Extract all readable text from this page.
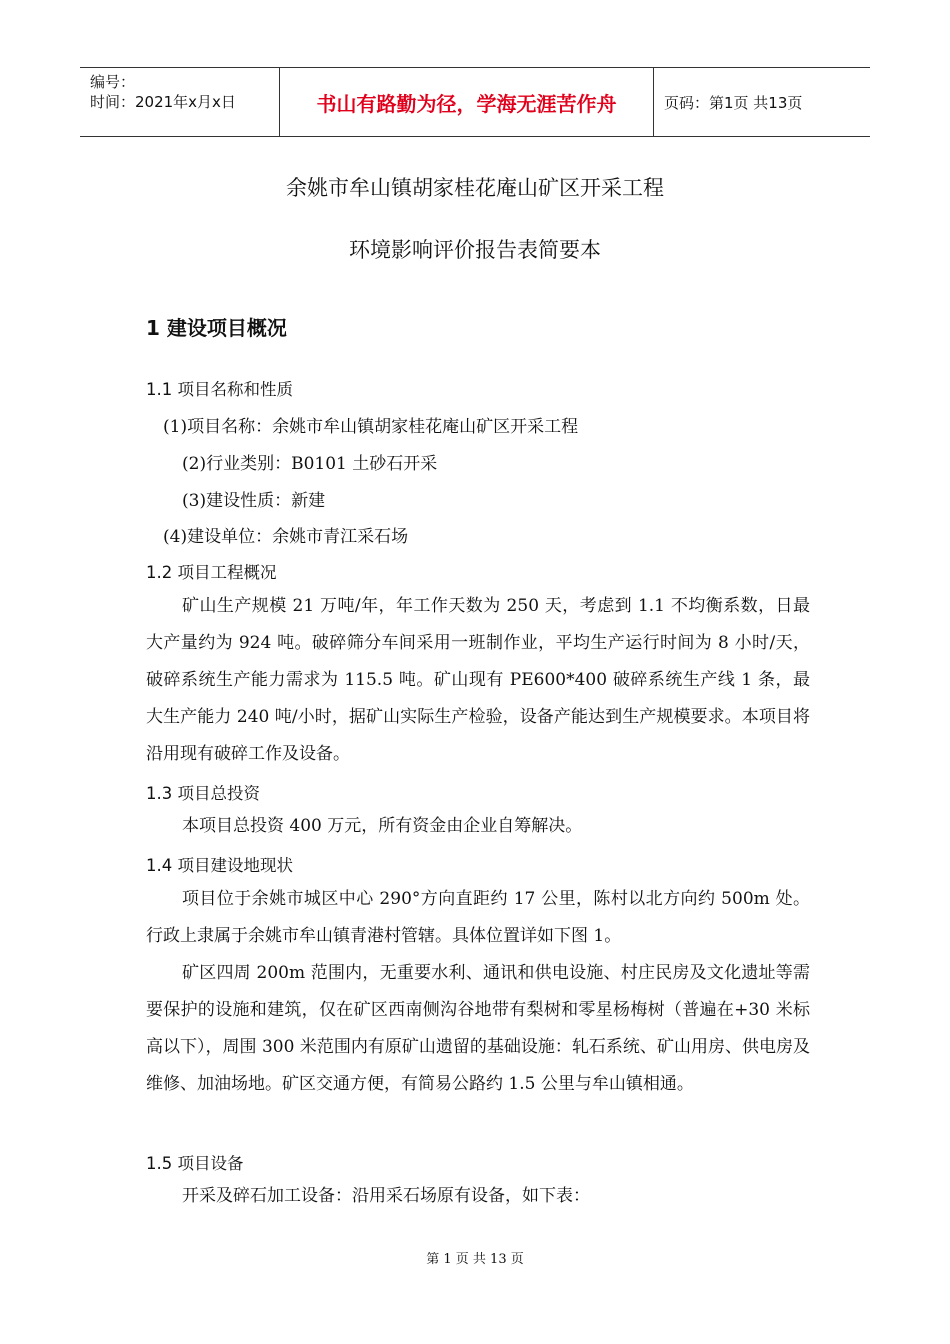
编号：
时间：2021年x月x日	书山有路勤为径，学海无涯苦作舟	页码：第1页 共13页
余姚市牟山镇胡家桂花庵山矿区开采工程
环境影响评价报告表简要本
1 建设项目概况
1.1 项目名称和性质
(1)项目名称：余姚市牟山镇胡家桂花庵山矿区开采工程
(2)行业类别：B0101 土砂石开采
(3)建设性质：新建
(4)建设单位：余姚市青江采石场
1.2 项目工程概况

矿山生产规模 21 万吨/年，年工作天数为 250 天，考虑到 1.1 不均衡系数，日最大产量约为 924 吨。破碎筛分车间采用一班制作业，平均生产运行时间为 8 小时/天，破碎系统生产能力需求为 115.5 吨。矿山现有 PE600*400 破碎系统生产线 1 条，最大生产能力 240 吨/小时，据矿山实际生产检验，设备产能达到生产规模要求。本项目将沿用现有破碎工作及设备。

1.3 项目总投资

本项目总投资 400 万元，所有资金由企业自筹解决。

1.4 项目建设地现状

项目位于余姚市城区中心 290°方向直距约 17 公里，陈村以北方向约 500m 处。行政上隶属于余姚市牟山镇青港村管辖。具体位置详如下图 1。

矿区四周 200m 范围内，无重要水利、通讯和供电设施、村庄民房及文化遗址等需要保护的设施和建筑，仅在矿区西南侧沟谷地带有梨树和零星杨梅树（普遍在+30 米标高以下），周围 300 米范围内有原矿山遗留的基础设施：轧石系统、矿山用房、供电房及维修、加油场地。矿区交通方便，有简易公路约 1.5 公里与牟山镇相通。

1.5 项目设备

开采及碎石加工设备：沿用采石场原有设备，如下表：

第 1 页 共 13 页
